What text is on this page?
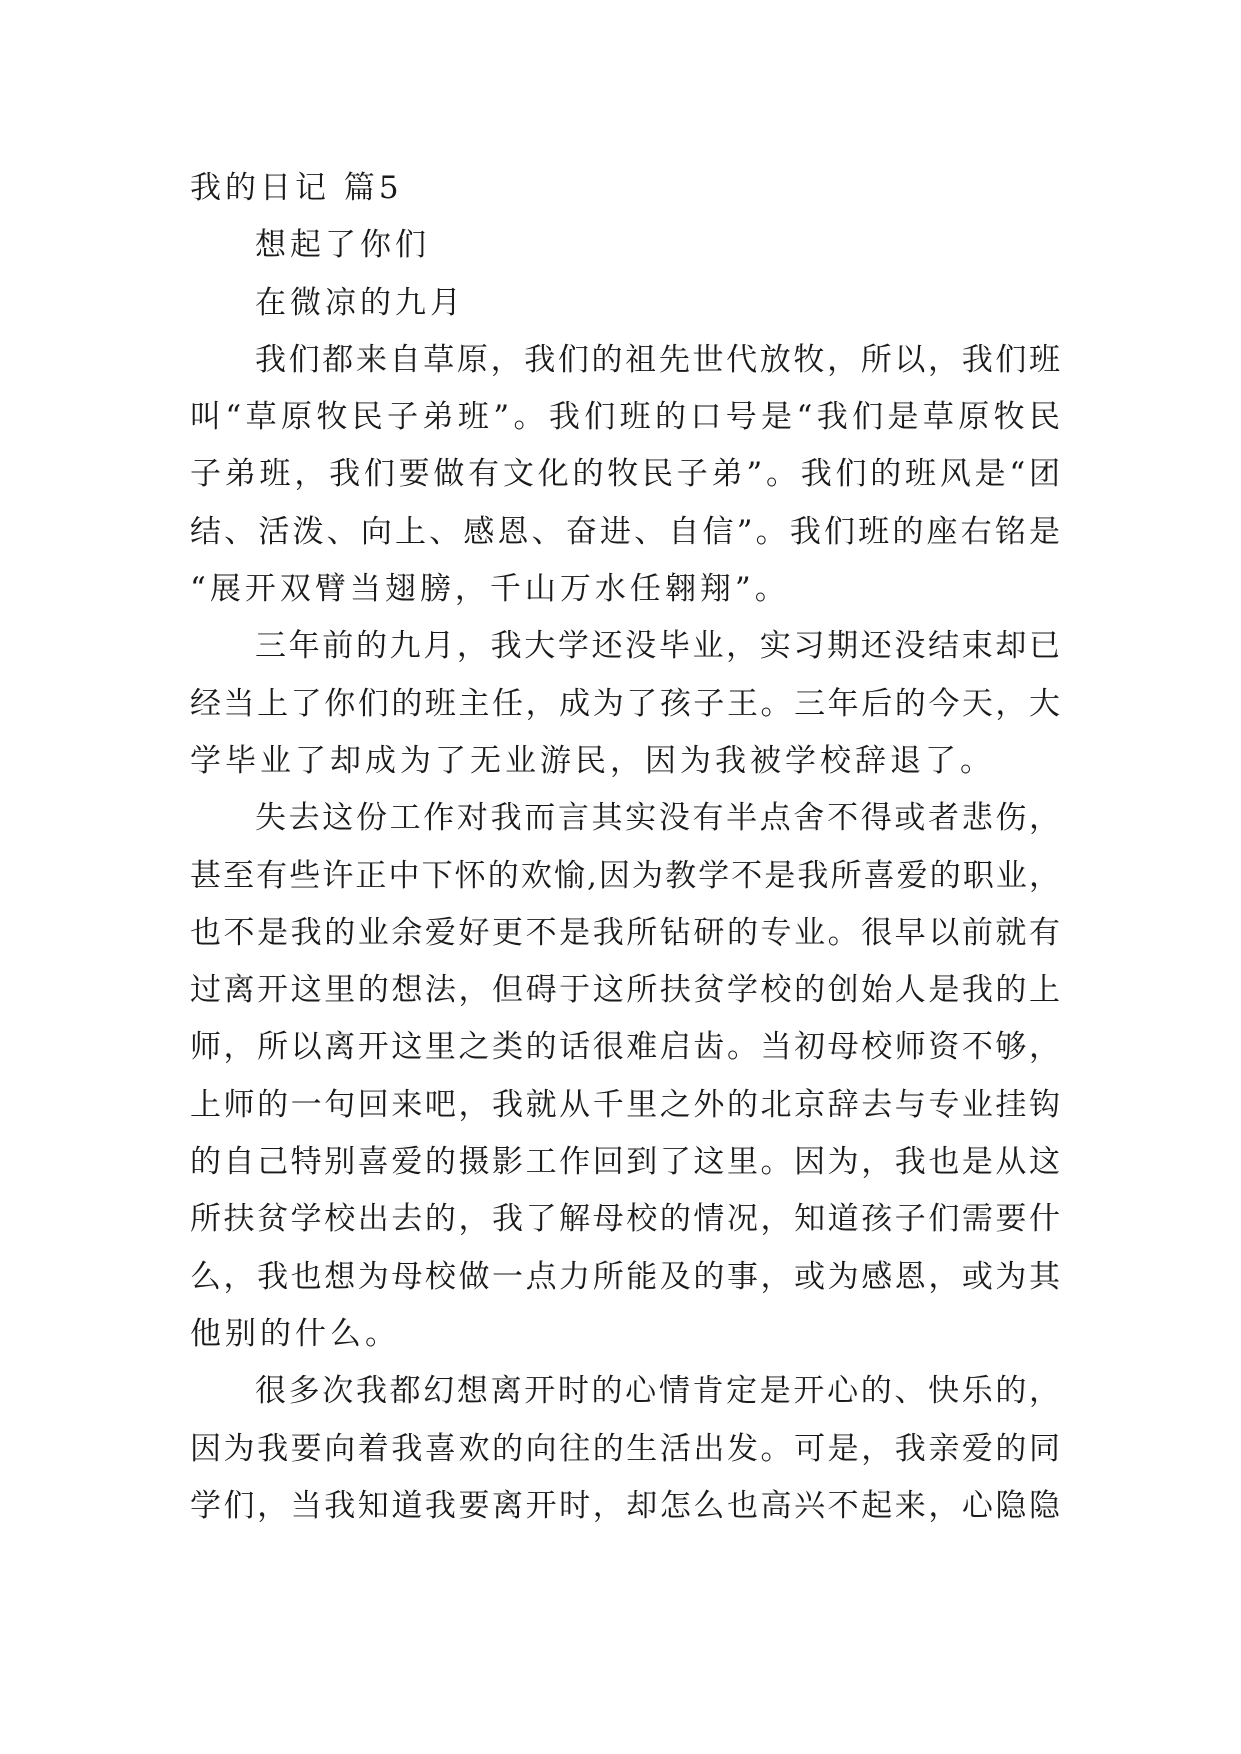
我的日记 篇5
想起了你们
在微凉的九月
我们都来自草原，我们的祖先世代放牧，所以，我们班
叫“草原牧民子弟班”。我们班的口号是“我们是草原牧民
子弟班，我们要做有文化的牧民子弟”。我们的班风是“团
结、活泼、向上、感恩、奋进、自信”。我们班的座右铭是
“展开双臂当翅膀，千山万水任翱翔”。
三年前的九月，我大学还没毕业，实习期还没结束却已
经当上了你们的班主任，成为了孩子王。三年后的今天，大
学毕业了却成为了无业游民，因为我被学校辞退了。
失去这份工作对我而言其实没有半点舍不得或者悲伤，
甚至有些许正中下怀的欢愉,因为教学不是我所喜爱的职业，
也不是我的业余爱好更不是我所钻研的专业。很早以前就有
过离开这里的想法，但碍于这所扶贫学校的创始人是我的上
师，所以离开这里之类的话很难启齿。当初母校师资不够，
上师的一句回来吧，我就从千里之外的北京辞去与专业挂钩
的自己特别喜爱的摄影工作回到了这里。因为，我也是从这
所扶贫学校出去的，我了解母校的情况，知道孩子们需要什
么，我也想为母校做一点力所能及的事，或为感恩，或为其
他别的什么。
很多次我都幻想离开时的心情肯定是开心的、快乐的，
因为我要向着我喜欢的向往的生活出发。可是，我亲爱的同
学们，当我知道我要离开时，却怎么也高兴不起来，心隐隐
